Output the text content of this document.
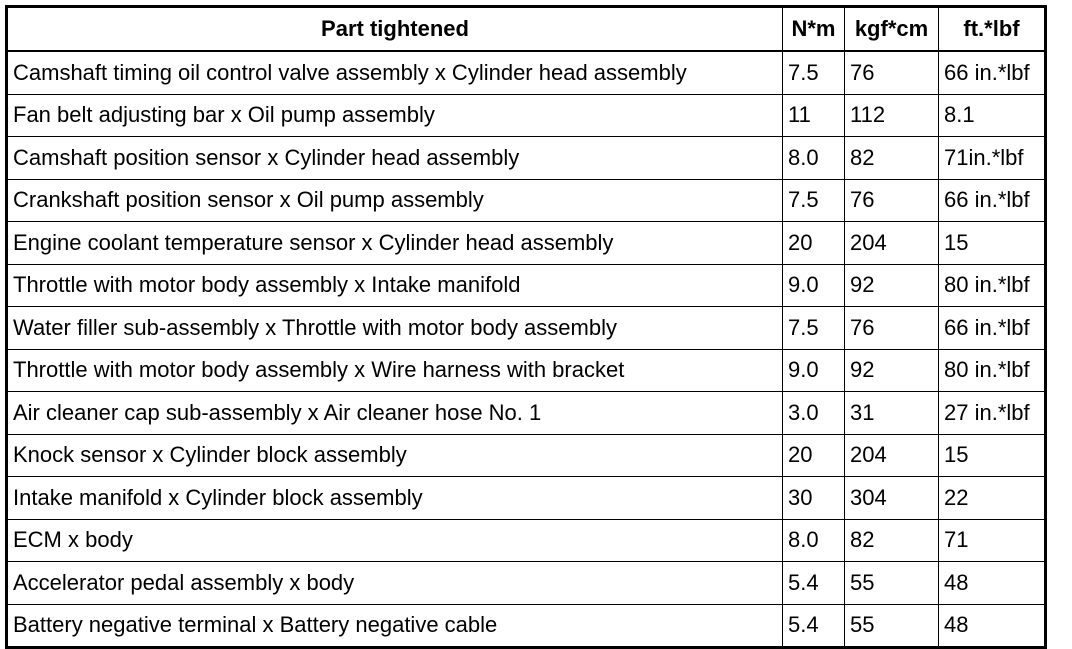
Part tightened	N*m	kgf*cm	ft.*lbf
Camshaft timing oil control valve assembly x Cylinder head assembly	7.5	76	66 in.*lbf
Fan belt adjusting bar x Oil pump assembly	11	112	8.1
Camshaft position sensor x Cylinder head assembly	8.0	82	71in.*lbf
Crankshaft position sensor x Oil pump assembly	7.5	76	66 in.*lbf
Engine coolant temperature sensor x Cylinder head assembly	20	204	15
Throttle with motor body assembly x Intake manifold	9.0	92	80 in.*lbf
Water filler sub-assembly x Throttle with motor body assembly	7.5	76	66 in.*lbf
Throttle with motor body assembly x Wire harness with bracket	9.0	92	80 in.*lbf
Air cleaner cap sub-assembly x Air cleaner hose No. 1	3.0	31	27 in.*lbf
Knock sensor x Cylinder block assembly	20	204	15
Intake manifold x Cylinder block assembly	30	304	22
ECM x body	8.0	82	71
Accelerator pedal assembly x body	5.4	55	48
Battery negative terminal x Battery negative cable	5.4	55	48
